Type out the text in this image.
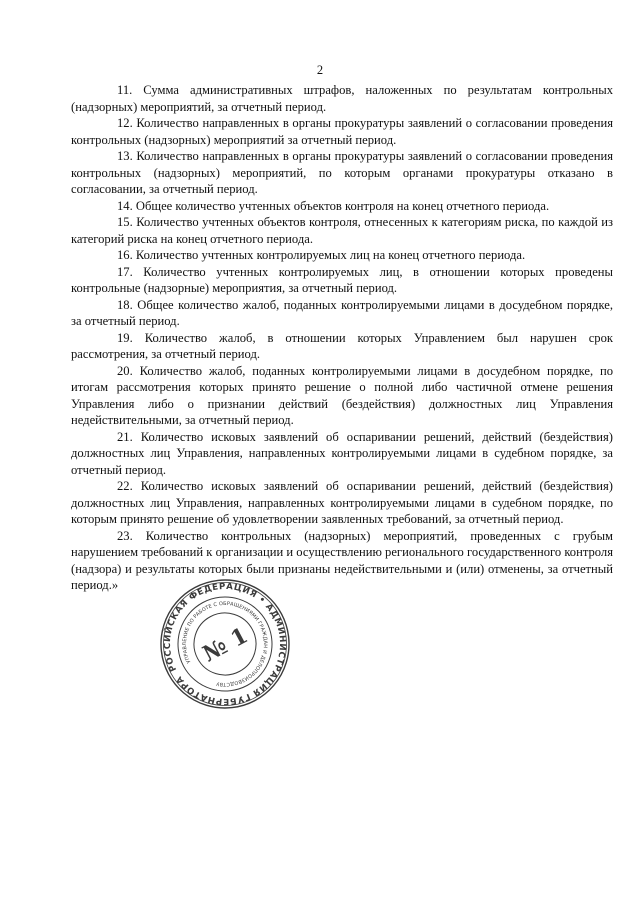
2

11. Сумма административных штрафов, наложенных по результатам контрольных (надзорных) мероприятий, за отчетный период.

12. Количество направленных в органы прокуратуры заявлений о согласовании проведения контрольных (надзорных) мероприятий за отчетный период.

13. Количество направленных в органы прокуратуры заявлений о согласовании проведения контрольных (надзорных) мероприятий, по которым органами прокуратуры отказано в согласовании, за отчетный период.

14. Общее количество учтенных объектов контроля на конец отчетного периода.

15. Количество учтенных объектов контроля, отнесенных к категориям риска, по каждой из категорий риска на конец отчетного периода.

16. Количество учтенных контролируемых лиц на конец отчетного периода.

17. Количество учтенных контролируемых лиц, в отношении которых проведены контрольные (надзорные) мероприятия, за отчетный период.

18. Общее количество жалоб, поданных контролируемыми лицами в досудебном порядке, за отчетный период.

19. Количество жалоб, в отношении которых Управлением был нарушен срок рассмотрения, за отчетный период.

20. Количество жалоб, поданных контролируемыми лицами в досудебном порядке, по итогам рассмотрения которых принято решение о полной либо частичной отмене решения Управления либо о признании действий (бездействия) должностных лиц Управления недействительными, за отчетный период.

21. Количество исковых заявлений об оспаривании решений, действий (бездействия) должностных лиц Управления, направленных контролируемыми лицами в судебном порядке, за отчетный период.

22. Количество исковых заявлений об оспаривании решений, действий (бездействия) должностных лиц Управления, направленных контролируемыми лицами в судебном порядке, по которым принято решение об удовлетворении заявленных требований, за отчетный период.

23. Количество контрольных (надзорных) мероприятий, проведенных с грубым нарушением требований к организации и осуществлению регионального государственного контроля (надзора) и результаты которых были признаны недействительными и (или) отменены, за отчетный период.»

РОССИЙСКАЯ ФЕДЕРАЦИЯ • АДМИНИСТРАЦИЯ ГУБЕРНАТОРА
УПРАВЛЕНИЕ ПО РАБОТЕ С ОБРАЩЕНИЯМИ ГРАЖДАН И ДЕЛОПРОИЗВОДСТВУ
№ 1
